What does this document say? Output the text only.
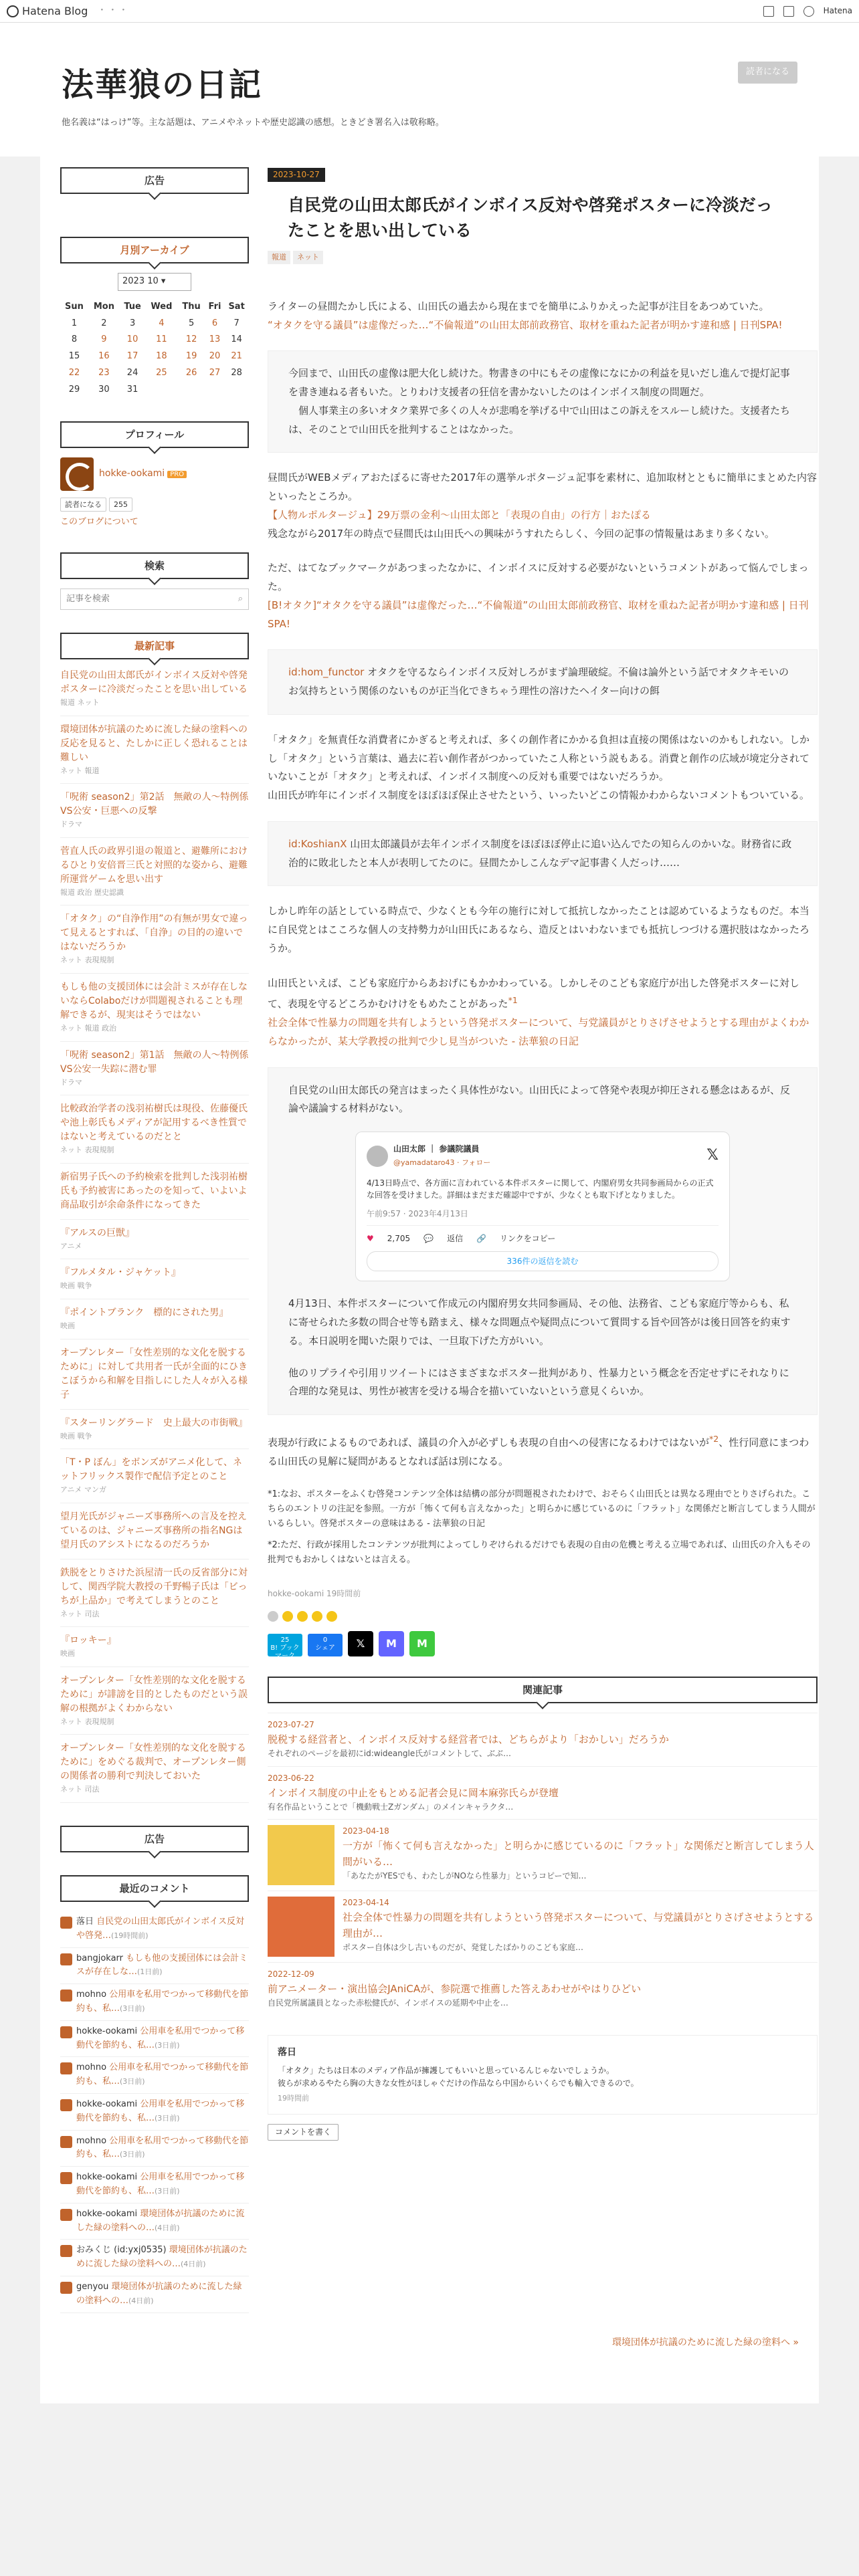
Hatena Blog ・・・	Hatena
法華狼の日記
他名義は“はっけ”等。主な話題は、アニメやネットや歴史認識の感想。ときどき署名入は敬称略。
読者になる
広告
月別アーカイブ
2023 10 ▾
Sun	Mon	Tue	Wed	Thu	Fri	Sat
1	2	3	4	5	6	7
8	9	10	11	12	13	14
15	16	17	18	19	20	21
22	23	24	25	26	27	28
29	30	31				
プロフィール
hokke-ookami PRO
読者になる	255
このブログについて
検索
記事を検索
⌕
最新記事
自民党の山田太郎氏がインボイス反対や啓発ポスターに冷淡だったことを思い出している
報道 ネット
環境団体が抗議のために流した緑の塗料への反応を見ると、たしかに正しく恐れることは難しい
ネット 報道
「呪術 season2」第2話　無敵の人〜特例係VS公安・巨悪への反撃
ドラマ
菅直人氏の政界引退の報道と、避難所におけるひとり安倍晋三氏と対照的な姿から、避難所運営ゲームを思い出す
報道 政治 歴史認識
「オタク」の“自浄作用”の有無が男女で違って見えるとすれば、「自浄」の目的の違いではないだろうか
ネット 表現規制
もしも他の支援団体には会計ミスが存在しないならColaboだけが問題視されることも理解できるが、現実はそうではない
ネット 報道 政治
「呪術 season2」第1話　無敵の人〜特例係VS公安一失踪に潜む罪
ドラマ
比較政治学者の浅羽祐樹氏は現役、佐藤優氏や池上彰氏もメディアが記用するべき性質ではないと考えているのだとと
ネット 表現規制
新宿男子氏への予約検索を批判した浅羽祐樹氏も予約被害にあったのを知って、いよいよ商品取引が余命条件になってきた
『アルスの巨獣』
アニメ
『フルメタル・ジャケット』
映画 戦争
『ポイントブランク　標的にされた男』
映画
オープンレター「女性差別的な文化を脱するために」に対して共用者一氏が全面的にひきこぼうから和解を目指しにした人々が入る様子
『スターリングラード　史上最大の市街戦』
映画 戦争
「T・P ぼん」をボンズがアニメ化して、ネットフリックス製作で配信予定とのこと
アニメ マンガ
望月光氏がジャニーズ事務所への言及を控えているのは、ジャニーズ事務所の指名NGは望月氏のアシストになるのだろうか
鉄脱をとりさけた浜屋清一氏の反省部分に対して、関西学院大教授の千野暢子氏は「ビっちが上品か」で考えてしまうとのこと
ネット 司法
『ロッキー』
映画
オープンレター「女性差別的な文化を脱するために」が誹謗を目的としたものだという誤解の根拠がよくわからない
ネット 表現規制
オープンレター「女性差別的な文化を脱するために」をめぐる裁判で、オープンレター側の関係者の勝利で判決しておいた
ネット 司法
広告
最近のコメント
落日 自民党の山田太郎氏がインボイス反対や啓発…(19時間前)
bangjokarr もしも他の支援団体には会計ミスが存在しな…(1日前)
mohno 公用車を私用でつかって移動代を節約も、私…(3日前)
hokke-ookami 公用車を私用でつかって移動代を節約も、私…(3日前)
mohno 公用車を私用でつかって移動代を節約も、私…(3日前)
hokke-ookami 公用車を私用でつかって移動代を節約も、私…(3日前)
mohno 公用車を私用でつかって移動代を節約も、私…(3日前)
hokke-ookami 公用車を私用でつかって移動代を節約も、私…(3日前)
hokke-ookami 環境団体が抗議のために流した緑の塗料への…(4日前)
おみくじ (id:yxj0535) 環境団体が抗議のために流した緑の塗料への…(4日前)
genyou 環境団体が抗議のために流した緑の塗料への…(4日前)
2023-10-27
自民党の山田太郎氏がインボイス反対や啓発ポスターに冷淡だったことを思い出している
報道	ネット

ライターの昼間たかし氏による、山田氏の過去から現在までを簡単にふりかえった記事が注目をあつめていた。
“オタクを守る議員”は虚像だった…“不倫報道”の山田太郎前政務官、取材を重ねた記者が明かす違和感 | 日刊SPA!

今回まで、山田氏の虚像は肥大化し続けた。物書きの中にもその虚像になにかの利益を見いだし進んで提灯記事を書き連ねる者もいた。とりわけ支援者の狂信を書かないしたのはインボイス制度の問題だ。
　個人事業主の多いオタク業界で多くの人々が悲鳴を挙げる中で山田はこの訴えをスルーし続けた。支援者たちは、そのことで山田氏を批判することはなかった。

昼間氏がWEBメディアおたぽるに寄せた2017年の選挙ルポタージュ記事を素材に、追加取材とともに簡単にまとめた内容といったところか。
【人物ルポルタージュ】29万票の金利〜山田太郎と「表現の自由」の行方｜おたぽる
残念ながら2017年の時点で昼間氏は山田氏への興味がうすれたらしく、今回の記事の情報量はあまり多くない。

ただ、はてなブックマークがあつまったなかに、インボイスに反対する必要がないというコメントがあって悩んでしまった。
[B!オタク]“オタクを守る議員”は虚像だった…“不倫報道”の山田太郎前政務官、取材を重ねた記者が明かす違和感 | 日刊SPA!

id:hom_functor オタクを守るならインボイス反対しろがまず論理破綻。不倫は論外という話でオタクキモいのお気持ちという関係のないものが正当化できちゃう理性の溶けたヘイター向けの餌

「オタク」を無責任な消費者にかぎると考えれば、多くの創作者にかかる負担は直接の関係はないのかもしれない。しかし「オタク」という言葉は、過去に若い創作者がつかっていたこ人称という説もある。消費と創作の広域が境定分されていないことが「オタク」と考えれば、インボイス制度への反対も重要ではないだろうか。
山田氏が昨年にインボイス制度をほぼほぼ保止させたという、いったいどこの情報かわからないコメントもついている。

id:KoshianX 山田太郎議員が去年インボイス制度をほぼほぼ停止に追い込んでたの知らんのかいな。財務省に政治的に敗北したと本人が表明してたのに。昼間たかしこんなデマ記事書く人だっけ……

しかし昨年の話としている時点で、少なくとも今年の施行に対して抵抗しなかったことは認めているようなものだ。本当に自民党とはこころな個人の支持勢力が山田氏にあるなら、造反とはいわないまでも抵抗しつづける選択肢はなかったろうか。

山田氏といえば、こども家庭庁からあおげにもかかわっている。しかしそのこども家庭庁が出した啓発ポスターに対して、表現を守るどころかむけけをもめたことがあった$^{*1}$
社会全体で性暴力の問題を共有しようという啓発ポスターについて、与党議員がとりさげさせようとする理由がよくわからなかったが、某大学教授の批判で少し見当がついた - 法華狼の日記

自民党の山田太郎氏の発言はまったく具体性がない。山田氏によって啓発や表現が抑圧される懸念はあるが、反論や議論する材料がない。

山田太郎 ｜ 参議院議員
@yamadataro43 · フォロー	𝕏
4/13日時点で、各方面に言われている本件ポスターに関して、内閣府男女共同参画局からの正式な回答を受けました。詳細はまだまだ確認中ですが、少なくとも取下げとなりました。
午前9:57 · 2023年4月13日
♥ 2,705 💬 返信 🔗 リンクをコピー
336件の返信を読む

4月13日、本件ポスターについて作成元の内閣府男女共同参画局、その他、法務省、こども家庭庁等からも、私に寄せられた多数の問合せ等も踏まえ、様々な問題点や疑問点について質問する旨や回答がは後日回答を約束する。本日説明を聞いた限りでは、一旦取下げた方がいい。

他のリプライや引用リツイートにはさまざまなポスター批判があり、性暴力という概念を否定せずにそれなりに合理的な発見は、男性が被害を受ける場合を描いていないという意見くらいか。

表現が行政によるものであれば、議員の介入が必ずしも表現の自由への侵害になるわけではないが$^{*2}$、性行同意にまつわる山田氏の見解に疑問があるとなれば話は別になる。

*1:なお、ポスターをふくむ啓発コンテンツ全体は結構の部分が問題視されたわけで、おそらく山田氏とは異なる理由でとりさげられた。こちらのエントリの注記を参照。一方が「怖くて何も言えなかった」と明らかに感じているのに「フラット」な関係だと断言してしまう人間がいるらしい。啓発ポスターの意味はある - 法華狼の日記
*2:ただ、行政が採用したコンテンツが批判によってしりぞけられるだけでも表現の自由の危機と考える立場であれば、山田氏の介入もその批判でもおかしくはないとは言える。
hokke-ookami 19時間前
25
B! ブックマーク
0
シェア	𝕏	M	M
関連記事
2023-07-27
脱税する経営者と、インボイス反対する経営者では、どちらがより「おかしい」だろうか
それぞれのページを最初にid:wideangle氏がコメントして、ぶぶ…
2023-06-22
インボイス制度の中止をもとめる記者会見に岡本麻弥氏らが登壇
有名作品ということで「機動戦士Zガンダム」のメインキャラクタ…
2023-04-18
一方が「怖くて何も言えなかった」と明らかに感じているのに「フラット」な関係だと断言してしまう人間がいる…
「あなたがYESでも、わたしがNOなら性暴力」というコピーで知…
2023-04-14
社会全体で性暴力の問題を共有しようという啓発ポスターについて、与党議員がとりさげさせようとする理由が…
ポスター自体は少し古いものだが、発覚したばかりのこども家庭…
2022-12-09
前アニメーター・演出協会JAniCAが、参院選で推薦した答えあわせがやはりひどい
自民党所属議員となった赤松健氏が、インボイスの延期や中止を…
落日
「オタク」たちは日本のメディア作品が擁護してもいいと思っているんじゃないでしょうか。
彼らが求めるやたら胸の大きな女性がほしゃぐだけの作品なら中国からいくらでも輸入できるので。
19時間前
コメントを書く
環境団体が抗議のために流した緑の塗料へ »
